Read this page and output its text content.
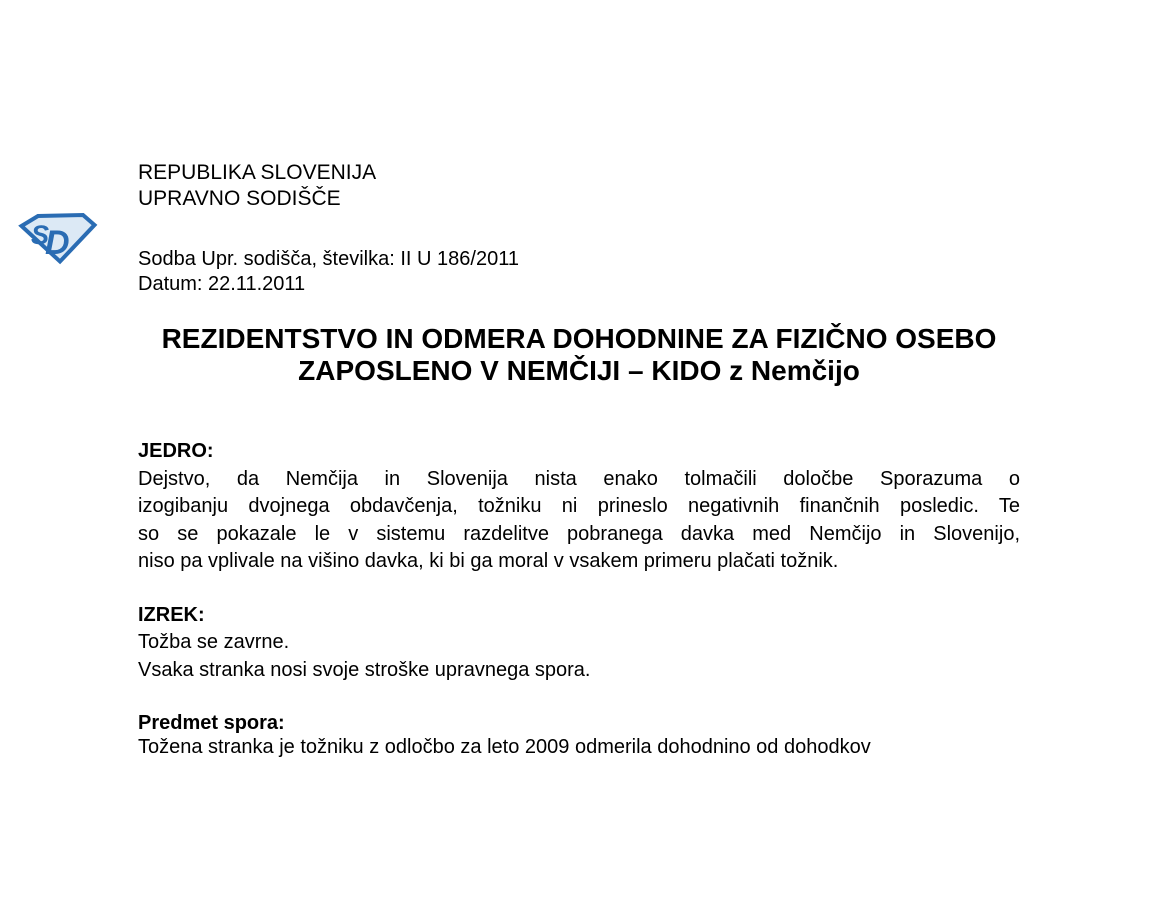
S
D
REPUBLIKA SLOVENIJA
UPRAVNO SODIŠČE
Sodba Upr. sodišča, številka: II U 186/2011
Datum: 22.11.2011
REZIDENTSTVO IN ODMERA DOHODNINE ZA FIZIČNO OSEBO
ZAPOSLENO V NEMČIJI – KIDO z Nemčijo
JEDRO:
Dejstvo, da Nemčija in Slovenija nista enako tolmačili določbe Sporazuma o
izogibanju dvojnega obdavčenja, tožniku ni prineslo negativnih finančnih posledic. Te
so se pokazale le v sistemu razdelitve pobranega davka med Nemčijo in Slovenijo,
niso pa vplivale na višino davka, ki bi ga moral v vsakem primeru plačati tožnik.
IZREK:
Tožba se zavrne.
Vsaka stranka nosi svoje stroške upravnega spora.
Predmet spora:
Tožena stranka je tožniku z odločbo za leto 2009 odmerila dohodnino od dohodkov
